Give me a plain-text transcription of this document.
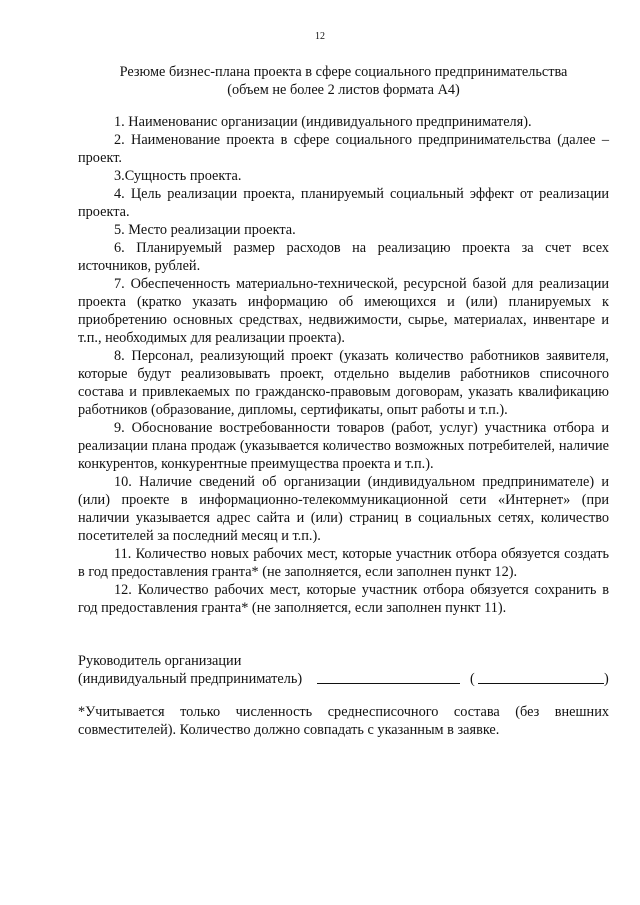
12
Резюме бизнес-плана проекта в сфере социального предпринимательства
(объем не более 2 листов формата А4)

1. Наименованис организации (индивидуального предпринимателя).

2. Наименование проекта в сфере социального предпринимательства (далее – проект.

3.Сущность проекта.

4. Цель реализации проекта, планируемый социальный эффект от реализации проекта.

5. Место реализации проекта.

6. Планируемый размер расходов на реализацию проекта за счет всех источников, рублей.

7. Обеспеченность материально-технической, ресурсной базой для реализации проекта (кратко указать информацию об имеющихся и (или) планируемых к приобретению основных средствах, недвижимости, сырье, материалах, инвентаре и т.п., необходимых для реализации проекта).

8. Персонал, реализующий проект (указать количество работников заявителя, которые будут реализовывать проект, отдельно выделив работников списочного состава и привлекаемых по гражданско-правовым договорам, указать квалификацию работников (образование, дипломы, сертификаты, опыт работы и т.п.).

9. Обоснование востребованности товаров (работ, услуг) участника отбора и реализации плана продаж (указывается количество возможных потребителей, наличие конкурентов, конкурентные преимущества проекта и т.п.).

10. Наличие сведений об организации (индивидуальном предпринимателе) и (или) проекте в информационно-телекоммуникационной сети «Интернет» (при наличии указывается адрес сайта и (или) страниц в социальных сетях, количество посетителей за последний месяц и т.п.).

11. Количество новых рабочих мест, которые участник отбора обязуется создать в год предоставления гранта* (не заполняется, если заполнен пункт 12).

12. Количество рабочих мест, которые участник отбора обязуется сохранить в год предоставления гранта* (не заполняется, если заполнен пункт 11).

Руководитель организации
(индивидуальный предприниматель)	(	)

*Учитывается только численность среднесписочного состава (без внешних совместителей). Количество должно совпадать с указанным в заявке.
